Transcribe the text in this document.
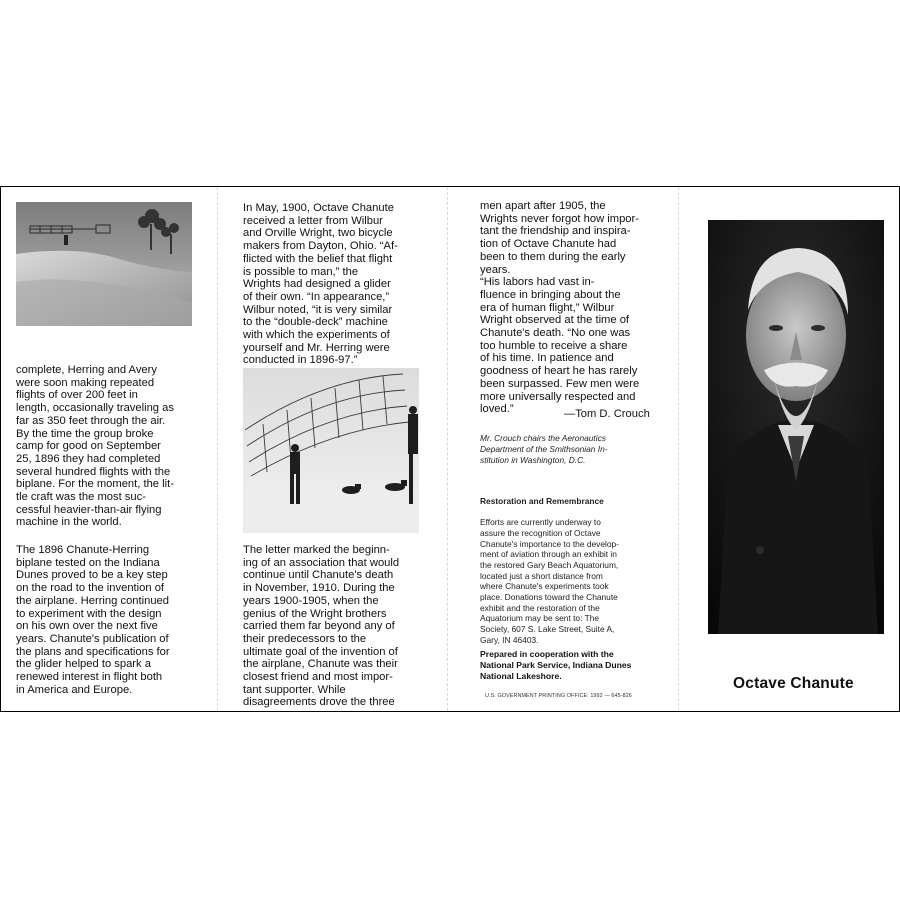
complete, Herring and Avery
were soon making repeated
flights of over 200 feet in
length, occasionally traveling as
far as 350 feet through the air.
By the time the group broke
camp for good on September
25, 1896 they had completed
several hundred flights with the
biplane. For the moment, the lit-
tle craft was the most suc-
cessful heavier-than-air flying
machine in the world.
The 1896 Chanute-Herring
biplane tested on the Indiana
Dunes proved to be a key step
on the road to the invention of
the airplane. Herring continued
to experiment with the design
on his own over the next five
years. Chanute's publication of
the plans and specifications for
the glider helped to spark a
renewed interest in flight both
in America and Europe.
In May, 1900, Octave Chanute
received a letter from Wilbur
and Orville Wright, two bicycle
makers from Dayton, Ohio. “Af-
flicted with the belief that flight
is possible to man,” the
Wrights had designed a glider
of their own. “In appearance,”
Wilbur noted, “it is very similar
to the “double-deck” machine
with which the experiments of
yourself and Mr. Herring were
conducted in 1896-97.”
The letter marked the beginn-
ing of an association that would
continue until Chanute's death
in November, 1910. During the
years 1900-1905, when the
genius of the Wright brothers
carried them far beyond any of
their predecessors to the
ultimate goal of the invention of
the airplane, Chanute was their
closest friend and most impor-
tant supporter. While
disagreements drove the three
men apart after 1905, the
Wrights never forgot how impor-
tant the friendship and inspira-
tion of Octave Chanute had
been to them during the early
years.
“His labors had vast in-
fluence in bringing about the
era of human flight,” Wilbur
Wright observed at the time of
Chanute's death. “No one was
too humble to receive a share
of his time. In patience and
goodness of heart he has rarely
been surpassed. Few men were
more universally respected and
loved.”	—Tom D. Crouch
Mr. Crouch chairs the Aeronautics
Department of the Smithsonian In-
stitution in Washington, D.C.

Restoration and Remembrance

Efforts are currently underway to
assure the recognition of Octave
Chanute's importance to the develop-
ment of aviation through an exhibit in
the restored Gary Beach Aquatorium,
located just a short distance from
where Chanute's experiments took
place. Donations toward the Chanute
exhibit and the restoration of the
Aquatorium may be sent to: The
Society, 607 S. Lake Street, Suite A,
Gary, IN 46403.

Prepared in cooperation with the
National Park Service, Indiana Dunes
National Lakeshore.
U.S. GOVERNMENT PRINTING OFFICE: 1992 — 645-826
Octave Chanute
